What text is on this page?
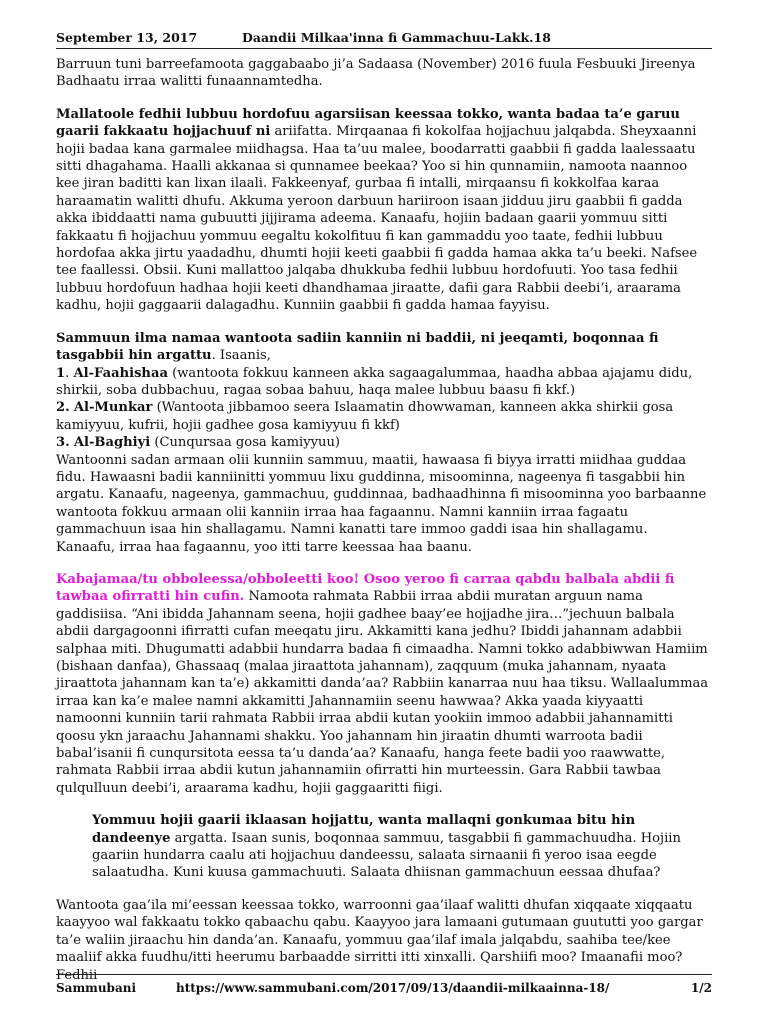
September 13, 2017	Daandii Milkaa'inna fi Gammachuu-Lakk.18

Barruun tuni barreefamoota gaggabaabo ji’a Sadaasa (November) 2016 fuula Fesbuuki Jireenya Badhaatu irraa walitti funaannamtedha.

Mallatoole fedhii lubbuu hordofuu agarsiisan keessaa tokko, wanta badaa ta’e garuu gaarii fakkaatu hojjachuuf ni ariifatta. Mirqaanaa fi kokolfaa hojjachuu jalqabda. Sheyxaanni hojii badaa kana garmalee miidhagsa. Haa ta’uu malee, boodarratti gaabbii fi gadda laalessaatu sitti dhagahama. Haalli akkanaa si qunnamee beekaa? Yoo si hin qunnamiin, namoota naannoo kee jiran baditti kan lixan ilaali. Fakkeenyaf, gurbaa fi intalli, mirqaansu fi kokkolfaa karaa haraamatin walitti dhufu. Akkuma yeroon darbuun hariiroon isaan jidduu jiru gaabbii fi gadda akka ibiddaatti nama gubuutti jijjirama adeema. Kanaafu, hojiin badaan gaarii yommuu sitti fakkaatu fi hojjachuu yommuu eegaltu kokolfituu fi kan gammaddu yoo taate, fedhii lubbuu hordofaa akka jirtu yaadadhu, dhumti hojii keeti gaabbii fi gadda hamaa akka ta’u beeki. Nafsee tee faallessi. Obsii. Kuni mallattoo jalqaba dhukkuba fedhii lubbuu hordofuuti. Yoo tasa fedhii lubbuu hordofuun hadhaa hojii keeti dhandhamaa jiraatte, dafii gara Rabbii deebi’i, araarama kadhu, hojii gaggaarii dalagadhu. Kunniin gaabbii fi gadda hamaa fayyisu.

Sammuun ilma namaa wantoota sadiin kanniin ni baddii, ni jeeqamti, boqonnaa fi tasgabbii hin argattu. Isaanis,
1. Al-Faahishaa (wantoota fokkuu kanneen akka sagaagalummaa, haadha abbaa ajajamu didu, shirkii, soba dubbachuu, ragaa sobaa bahuu, haqa malee lubbuu baasu fi kkf.)
2. Al-Munkar (Wantoota jibbamoo seera Islaamatin dhowwaman, kanneen akka shirkii gosa kamiyyuu, kufrii, hojii gadhee gosa kamiyyuu fi kkf)
3. Al-Baghiyi (Cunqursaa gosa kamiyyuu)
Wantoonni sadan armaan olii kunniin sammuu, maatii, hawaasa fi biyya irratti miidhaa guddaa fidu. Hawaasni badii kanniinitti yommuu lixu guddinna, misoominna, nageenya fi tasgabbii hin argatu. Kanaafu, nageenya, gammachuu, guddinnaa, badhaadhinna fi misoominna yoo barbaanne wantoota fokkuu armaan olii kanniin irraa haa fagaannu. Namni kanniin irraa fagaatu gammachuun isaa hin shallagamu. Namni kanatti tare immoo gaddi isaa hin shallagamu. Kanaafu, irraa haa fagaannu, yoo itti tarre keessaa haa baanu.

Kabajamaa/tu obboleessa/obboleetti koo! Osoo yeroo fi carraa qabdu balbala abdii fi tawbaa ofirratti hin cufin. Namoota rahmata Rabbii irraa abdii muratan arguun nama gaddisiisa. “Ani ibidda Jahannam seena, hojii gadhee baay’ee hojjadhe jira…”jechuun balbala abdii dargagoonni ifirratti cufan meeqatu jiru. Akkamitti kana jedhu? Ibiddi jahannam adabbii salphaa miti. Dhugumatti adabbii hundarra badaa fi cimaadha. Namni tokko adabbiwwan Hamiim (bishaan danfaa), Ghassaaq (malaa jiraattota jahannam), zaqquum (muka jahannam, nyaata jiraattota jahannam kan ta’e) akkamitti danda’aa? Rabbiin kanarraa nuu haa tiksu. Wallaalummaa irraa kan ka’e malee namni akkamitti Jahannamiin seenu hawwaa? Akka yaada kiyyaatti namoonni kunniin tarii rahmata Rabbii irraa abdii kutan yookiin immoo adabbii jahannamitti qoosu ykn jaraachu Jahannami shakku. Yoo jahannam hin jiraatin dhumti warroota badii babal’isanii fi cunqursitota eessa ta’u danda’aa? Kanaafu, hanga feete badii yoo raawwatte, rahmata Rabbii irraa abdii kutun jahannamiin ofirratti hin murteessin. Gara Rabbii tawbaa qulqulluun deebi’i, araarama kadhu, hojii gaggaaritti fiigi.

Yommuu hojii gaarii iklaasan hojjattu, wanta mallaqni gonkumaa bitu hin dandeenye argatta. Isaan sunis, boqonnaa sammuu, tasgabbii fi gammachuudha. Hojiin gaariin hundarra caalu ati hojjachuu dandeessu, salaata sirnaanii fi yeroo isaa eegde salaatudha. Kuni kuusa gammachuuti. Salaata dhiisnan gammachuun eessaa dhufaa?

Wantoota gaa’ila mi’eessan keessaa tokko, warroonni gaa’ilaaf walitti dhufan xiqqaate xiqqaatu kaayyoo wal fakkaatu tokko qabaachu qabu. Kaayyoo jara lamaani gutumaan guututti yoo gargar ta’e waliin jiraachu hin danda’an. Kanaafu, yommuu gaa’ilaf imala jalqabdu, saahiba tee/kee maaliif akka fuudhu/itti heerumu barbaadde sirritti itti xinxalli. Qarshiifi moo? Imaanafii moo? Fedhii

Sammubani	https://www.sammubani.com/2017/09/13/daandii-milkaainna-18/	1/2
